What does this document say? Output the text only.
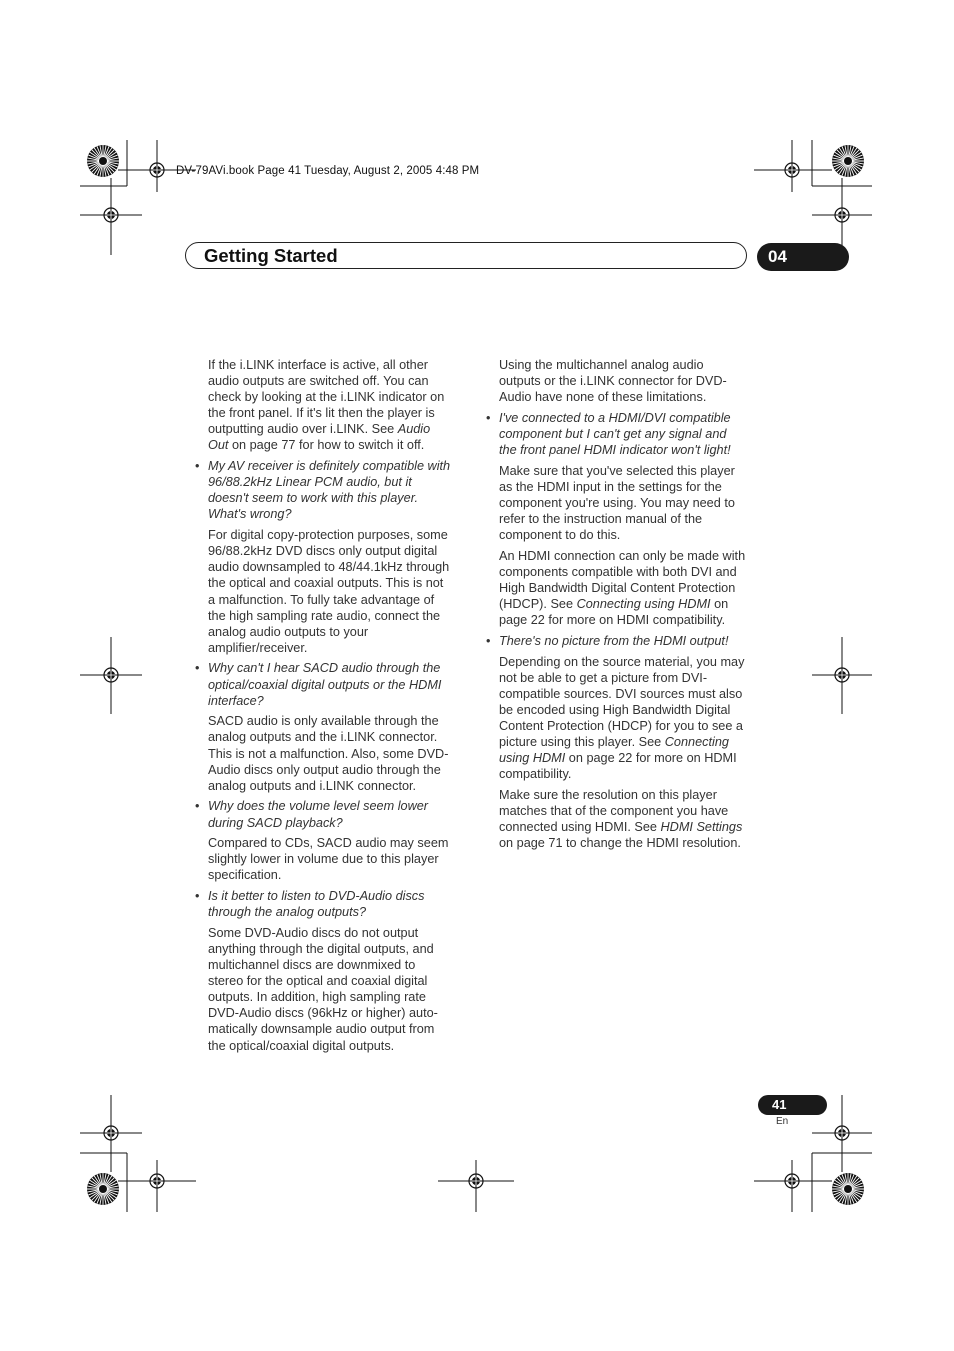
DV-79AVi.book Page 41 Tuesday, August 2, 2005 4:48 PM
Getting Started	04

If the i.LINK interface is active, all other audio outputs are switched off. You can check by looking at the i.LINK indicator on the front panel. If it's lit then the player is outputting audio over i.LINK. See Audio Out on page 77 for how to switch it off.

• My AV receiver is definitely compatible with 96/88.2kHz Linear PCM audio, but it doesn't seem to work with this player. What's wrong?

For digital copy-protection purposes, some 96/88.2kHz DVD discs only output digital audio downsampled to 48/44.1kHz through the optical and coaxial outputs. This is not a malfunction. To fully take advantage of the high sampling rate audio, connect the analog audio outputs to your amplifier/receiver.

• Why can't I hear SACD audio through the optical/coaxial digital outputs or the HDMI interface?

SACD audio is only available through the analog outputs and the i.LINK connector. This is not a malfunction. Also, some DVD-Audio discs only output audio through the analog outputs and i.LINK connector.

• Why does the volume level seem lower during SACD playback?

Compared to CDs, SACD audio may seem slightly lower in volume due to this player specification.

• Is it better to listen to DVD-Audio discs through the analog outputs?

Some DVD-Audio discs do not output anything through the digital outputs, and multichannel discs are downmixed to stereo for the optical and coaxial digital outputs. In addition, high sampling rate DVD-Audio discs (96kHz or higher) auto-matically downsample audio output from the optical/coaxial digital outputs.

Using the multichannel analog audio outputs or the i.LINK connector for DVD-Audio have none of these limitations.

• I've connected to a HDMI/DVI compatible component but I can't get any signal and the front panel HDMI indicator won't light!

Make sure that you've selected this player as the HDMI input in the settings for the component you're using. You may need to refer to the instruction manual of the component to do this.

An HDMI connection can only be made with components compatible with both DVI and High Bandwidth Digital Content Protection (HDCP). See Connecting using HDMI on page 22 for more on HDMI compatibility.

• There's no picture from the HDMI output!

Depending on the source material, you may not be able to get a picture from DVI-compatible sources. DVI sources must also be encoded using High Bandwidth Digital Content Protection (HDCP) for you to see a picture using this player. See Connecting using HDMI on page 22 for more on HDMI compatibility.

Make sure the resolution on this player matches that of the component you have connected using HDMI. See HDMI Settings on page 71 to change the HDMI resolution.

41
En
